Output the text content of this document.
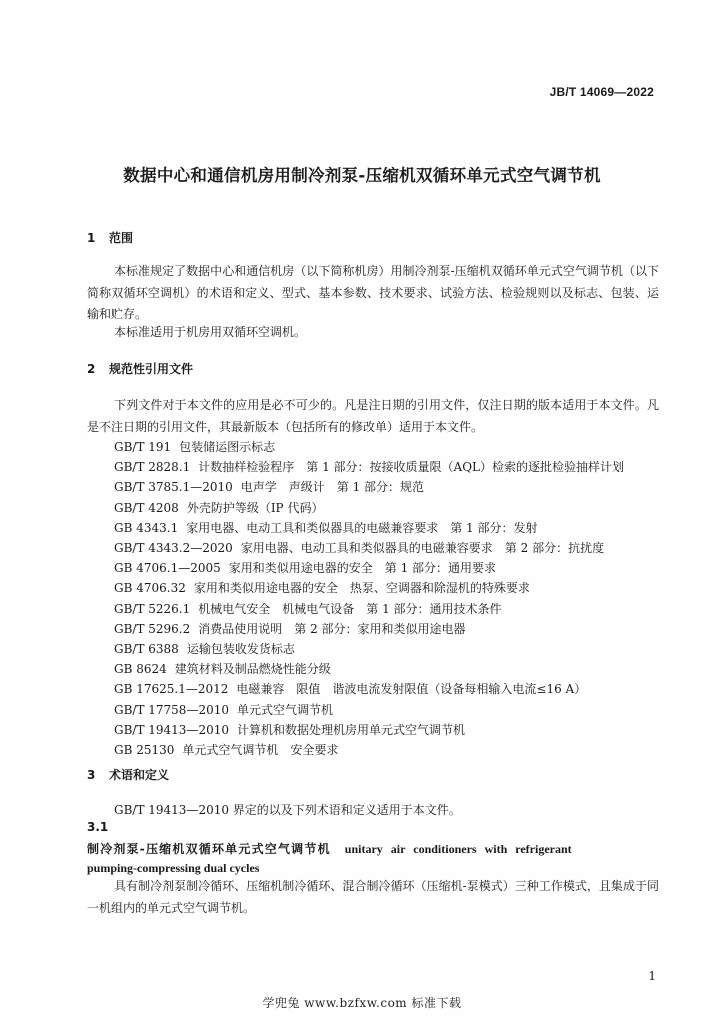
JB/T 14069—2022
数据中心和通信机房用制冷剂泵-压缩机双循环单元式空气调节机
1 范围
本标准规定了数据中心和通信机房（以下简称机房）用制冷剂泵-压缩机双循环单元式空气调节机（以下简称双循环空调机）的术语和定义、型式、基本参数、技术要求、试验方法、检验规则以及标志、包装、运输和贮存。
本标准适用于机房用双循环空调机。
2 规范性引用文件
下列文件对于本文件的应用是必不可少的。凡是注日期的引用文件，仅注日期的版本适用于本文件。凡是不注日期的引用文件，其最新版本（包括所有的修改单）适用于本文件。
GB/T 191 包装储运图示标志
GB/T 2828.1 计数抽样检验程序　第 1 部分：按接收质量限（AQL）检索的逐批检验抽样计划
GB/T 3785.1—2010 电声学　声级计　第 1 部分：规范
GB/T 4208 外壳防护等级（IP 代码）
GB 4343.1 家用电器、电动工具和类似器具的电磁兼容要求　第 1 部分：发射
GB/T 4343.2—2020 家用电器、电动工具和类似器具的电磁兼容要求　第 2 部分：抗扰度
GB 4706.1—2005 家用和类似用途电器的安全　第 1 部分：通用要求
GB 4706.32 家用和类似用途电器的安全　热泵、空调器和除湿机的特殊要求
GB/T 5226.1 机械电气安全　机械电气设备　第 1 部分：通用技术条件
GB/T 5296.2 消费品使用说明　第 2 部分：家用和类似用途电器
GB/T 6388 运输包装收发货标志
GB 8624 建筑材料及制品燃烧性能分级
GB 17625.1—2012 电磁兼容　限值　谐波电流发射限值（设备每相输入电流≤16 A）
GB/T 17758—2010 单元式空气调节机
GB/T 19413—2010 计算机和数据处理机房用单元式空气调节机
GB 25130 单元式空气调节机　安全要求
3 术语和定义
GB/T 19413—2010 界定的以及下列术语和定义适用于本文件。
3.1
制冷剂泵-压缩机双循环单元式空气调节机 unitary air conditioners with refrigerant
pumping-compressing dual cycles
具有制冷剂泵制冷循环、压缩机制冷循环、混合制冷循环（压缩机-泵模式）三种工作模式，且集成于同一机组内的单元式空气调节机。
1
学兜兔 www.bzfxw.com 标准下载
